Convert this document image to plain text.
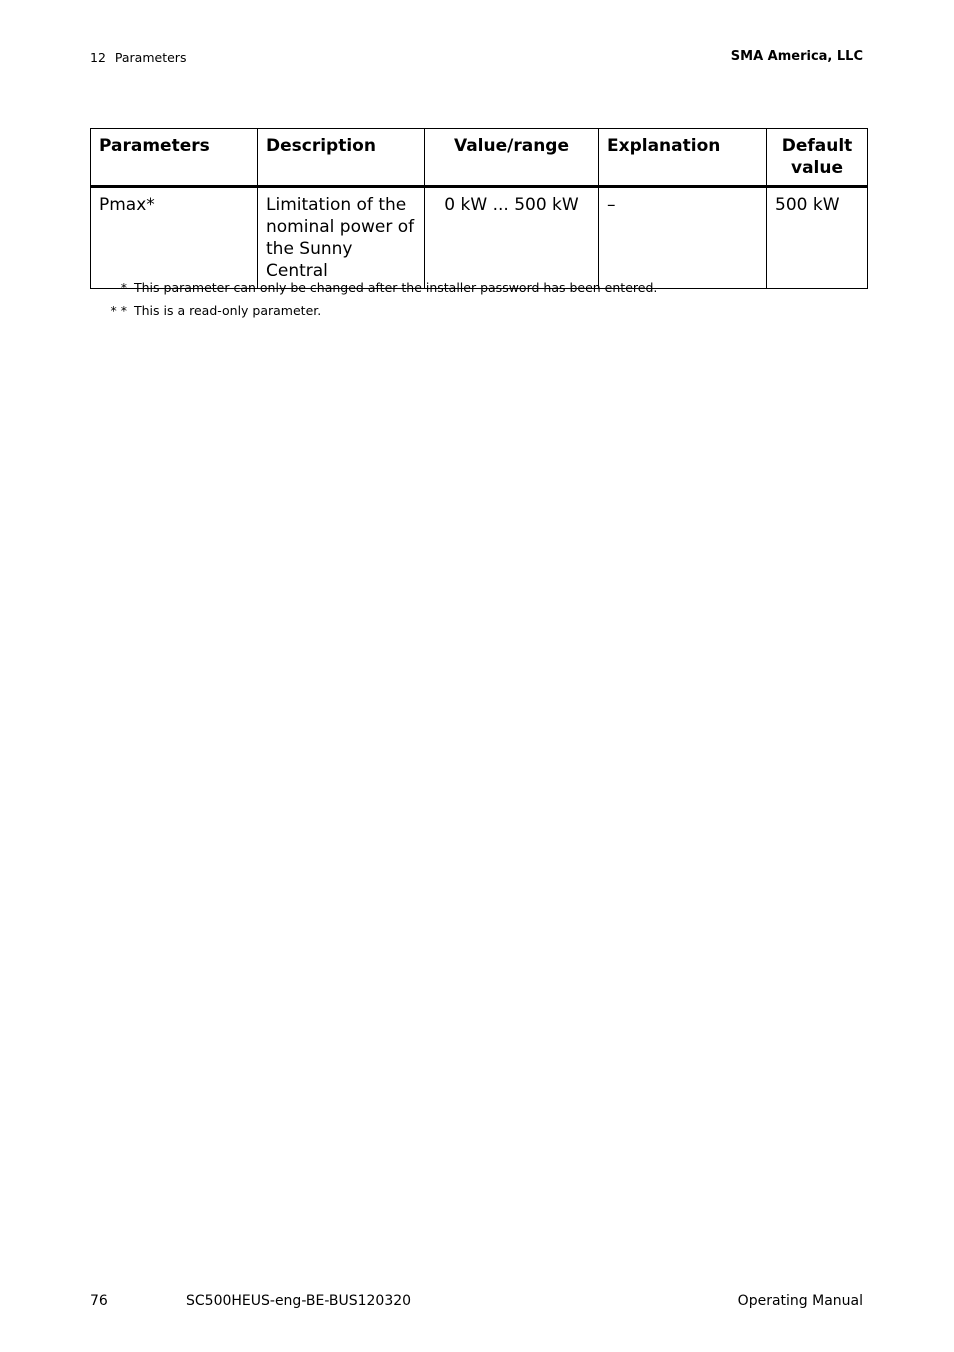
12 Parameters	SMA America, LLC
Parameters	Description	Value/range	Explanation	Default value
Pmax*	Limitation of the nominal power of the Sunny Central	0 kW ... 500 kW	–	500 kW
* This parameter can only be changed after the installer password has been entered.
* * This is a read-only parameter.
76	SC500HEUS-eng-BE-BUS120320	Operating Manual
